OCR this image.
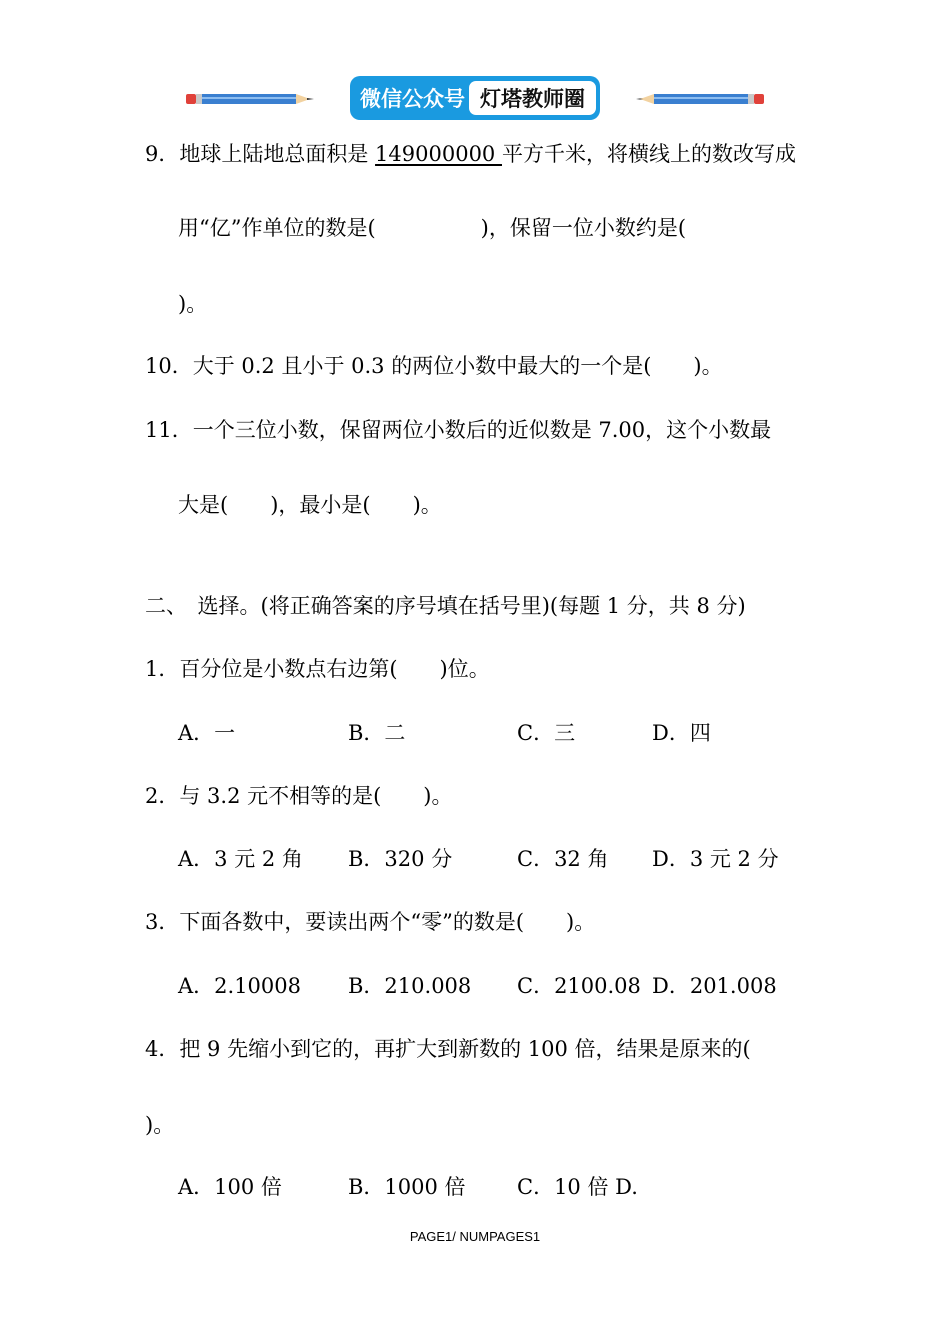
微信公众号 灯塔教师圈
9．地球上陆地总面积是 149000000 平方千米，将横线上的数改写成
用“亿”作单位的数是(　　　　　)，保留一位小数约是(
)。
10．大于 0.2 且小于 0.3 的两位小数中最大的一个是(　　)。
11．一个三位小数，保留两位小数后的近似数是 7.00，这个小数最
大是(　　)，最小是(　　)。
二、　选择。(将正确答案的序号填在括号里)(每题 1 分，共 8 分)
1．百分位是小数点右边第(　　)位。
A．一	B．二	C．三	D．四
2．与 3.2 元不相等的是(　　)。
A．3 元 2 角 B．320 分	C．32 角 D．3 元 2 分
3．下面各数中，要读出两个“零”的数是(　　)。
A．2.10008 B．210.008 C．2100.08 D．201.008
4．把 9 先缩小到它的，再扩大到新数的 100 倍，结果是原来的(
)。
A．100 倍	B．1000 倍 C．10 倍 D.
PAGE1/ NUMPAGES1
